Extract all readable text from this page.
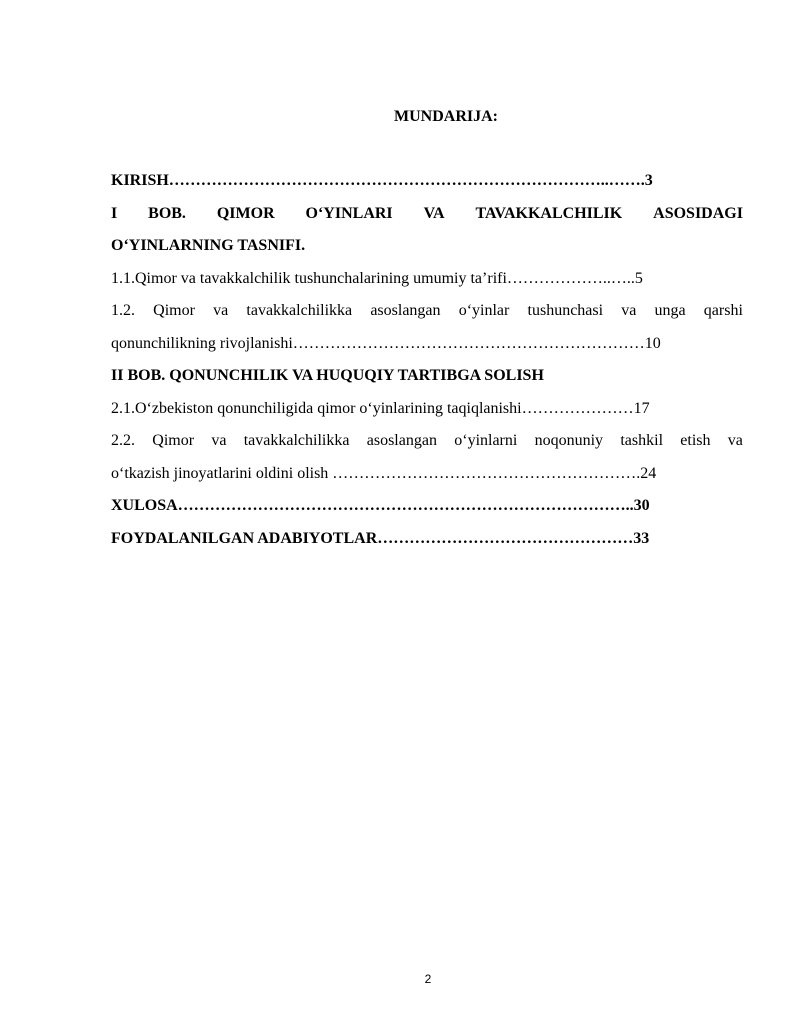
MUNDARIJA:
KIRISH………………………………………………………………………..…….3
I BOB. QIMOR O‘YINLARI VA TAVAKKALCHILIK ASOSIDAGI
O‘YINLARNING TASNIFI.
1.1.Qimor va tavakkalchilik tushunchalarining umumiy ta’rifi………………..…..5
1.2. Qimor va tavakkalchilikka asoslangan o‘yinlar tushunchasi va unga qarshi
qonunchilikning rivojlanishi…………………………………………………………10
II BOB. QONUNCHILIK VA HUQUQIY TARTIBGA SOLISH
2.1.O‘zbekiston qonunchiligida qimor o‘yinlarining taqiqlanishi…………………17
2.2. Qimor va tavakkalchilikka asoslangan o‘yinlarni noqonuniy tashkil etish va
o‘tkazish jinoyatlarini oldini olish ………………………………………………….24
XULOSA…………………………………………………………………………..30
FOYDALANILGAN ADABIYOTLAR…………………………………………33
2
